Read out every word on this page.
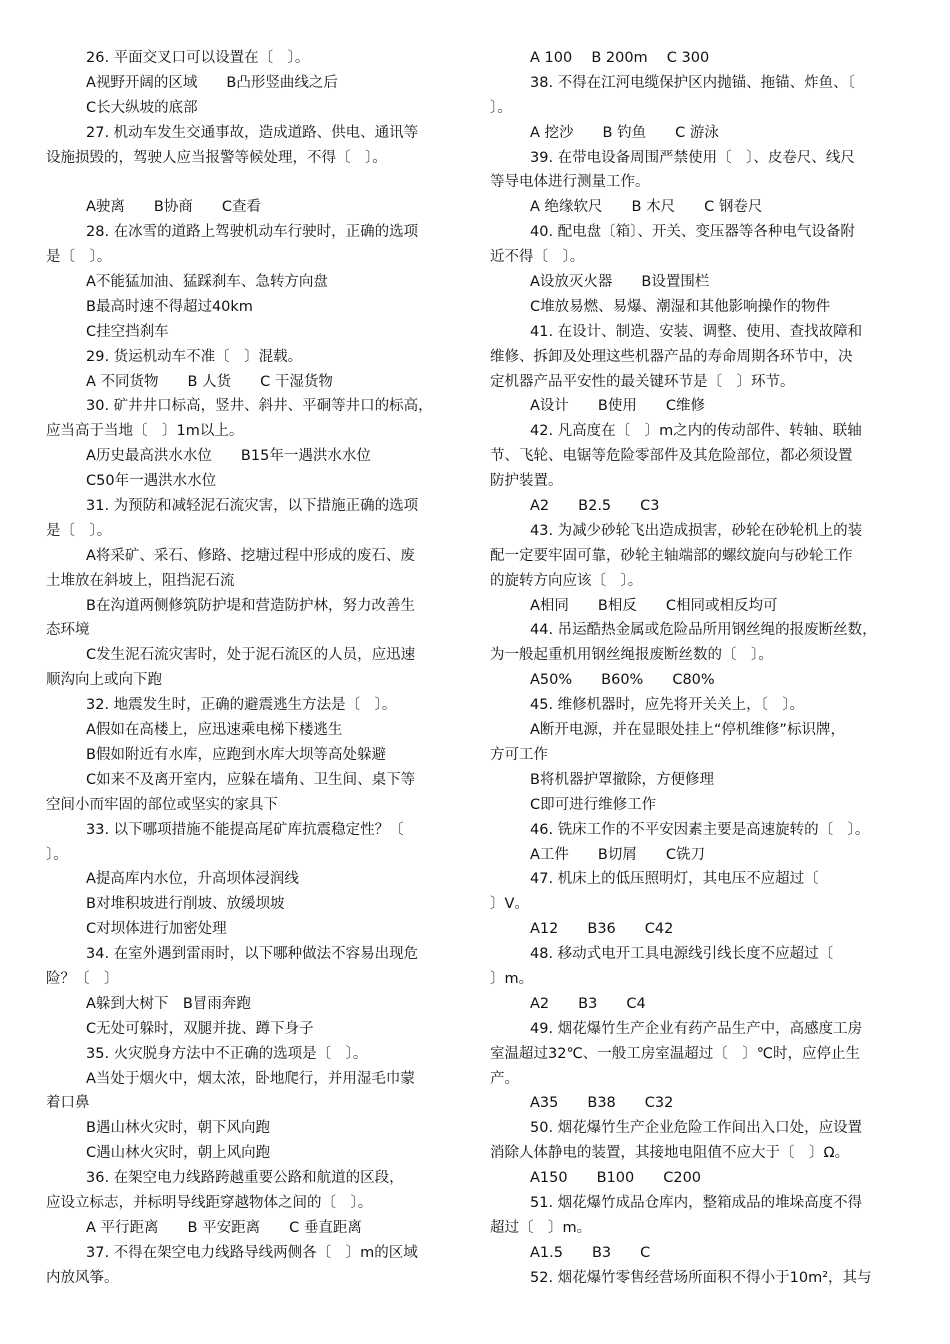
26. 平面交叉口可以设置在〔　〕。
A视野开阔的区域　　B凸形竖曲线之后
C长大纵坡的底部
27. 机动车发生交通事故，造成道路、供电、通讯等
设施损毁的，驾驶人应当报警等候处理，不得〔　〕。
A驶离　　B协商　　C查看
28. 在冰雪的道路上驾驶机动车行驶时，正确的选项
是〔　〕。
A不能猛加油、猛踩刹车、急转方向盘
B最高时速不得超过40km
C挂空挡刹车
29. 货运机动车不准〔　〕混载。
A 不同货物　　B 人货　　C 干湿货物
30. 矿井井口标高，竖井、斜井、平硐等井口的标高，
应当高于当地〔　〕1m以上。
A历史最高洪水水位　　B15年一遇洪水水位
C50年一遇洪水水位
31. 为预防和减轻泥石流灾害，以下措施正确的选项
是〔　〕。
A将采矿、采石、修路、挖塘过程中形成的废石、废
土堆放在斜坡上，阻挡泥石流
B在沟道两侧修筑防护堤和营造防护林，努力改善生
态环境
C发生泥石流灾害时，处于泥石流区的人员，应迅速
顺沟向上或向下跑
32. 地震发生时，正确的避震逃生方法是〔　〕。
A假如在高楼上，应迅速乘电梯下楼逃生
B假如附近有水库，应跑到水库大坝等高处躲避
C如来不及离开室内，应躲在墙角、卫生间、桌下等
空间小而牢固的部位或坚实的家具下
33. 以下哪项措施不能提高尾矿库抗震稳定性？〔
〕。
A提高库内水位，升高坝体浸润线
B对堆积坡进行削坡、放缓坝坡
C对坝体进行加密处理
34. 在室外遇到雷雨时，以下哪种做法不容易出现危
险？〔　〕
A躲到大树下　B冒雨奔跑
C无处可躲时，双腿并拢、蹲下身子
35. 火灾脱身方法中不正确的选项是〔　〕。
A当处于烟火中，烟太浓，卧地爬行，并用湿毛巾蒙
着口鼻
B遇山林火灾时，朝下风向跑
C遇山林火灾时，朝上风向跑
36. 在架空电力线路跨越重要公路和航道的区段，
应设立标志，并标明导线距穿越物体之间的〔　〕。
A 平行距离　　B 平安距离　　C 垂直距离
37. 不得在架空电力线路导线两侧各〔　〕m的区域
内放风筝。
A 100　 B 200m　 C 300
38. 不得在江河电缆保护区内抛锚、拖锚、炸鱼、〔
〕。
A 挖沙　　B 钓鱼　　C 游泳
39. 在带电设备周围严禁使用〔　〕、皮卷尺、线尺
等导电体进行测量工作。
A 绝缘软尺　　B 木尺　　C 钢卷尺
40. 配电盘〔箱〕、开关、变压器等各种电气设备附
近不得〔　〕。
A设放灭火器　　B设置围栏
C堆放易燃、易爆、潮湿和其他影响操作的物件
41. 在设计、制造、安装、调整、使用、查找故障和
维修、拆卸及处理这些机器产品的寿命周期各环节中，决
定机器产品平安性的最关键环节是〔　〕环节。
A设计　　B使用　　C维修
42. 凡高度在〔　〕m之内的传动部件、转轴、联轴
节、飞轮、电锯等危险零部件及其危险部位，都必须设置
防护装置。
A2　　B2.5　　C3
43. 为减少砂轮飞出造成损害，砂轮在砂轮机上的装
配一定要牢固可靠，砂轮主轴端部的螺纹旋向与砂轮工作
的旋转方向应该〔　〕。
A相同　　B相反　　C相同或相反均可
44. 吊运酷热金属或危险品所用钢丝绳的报废断丝数，
为一般起重机用钢丝绳报废断丝数的〔　〕。
A50%　　B60%　　C80%
45. 维修机器时，应先将开关关上，〔　〕。
A断开电源，并在显眼处挂上“停机维修”标识牌，
方可工作
B将机器护罩撤除，方便修理
C即可进行维修工作
46. 铣床工作的不平安因素主要是高速旋转的〔　〕。
A工件　　B切屑　　C铣刀
47. 机床上的低压照明灯，其电压不应超过〔
〕V。
A12　　B36　　C42
48. 移动式电开工具电源线引线长度不应超过〔
〕m。
A2　　B3　　C4
49. 烟花爆竹生产企业有药产品生产中，高感度工房
室温超过32℃、一般工房室温超过〔　〕℃时，应停止生
产。
A35　　B38　　C32
50. 烟花爆竹生产企业危险工作间出入口处，应设置
消除人体静电的装置，其接地电阻值不应大于〔　〕Ω。
A150　　B100　　C200
51. 烟花爆竹成品仓库内，整箱成品的堆垛高度不得
超过〔　〕m。
A1.5　　B3　　C
52. 烟花爆竹零售经营场所面积不得小于10m²，其与
